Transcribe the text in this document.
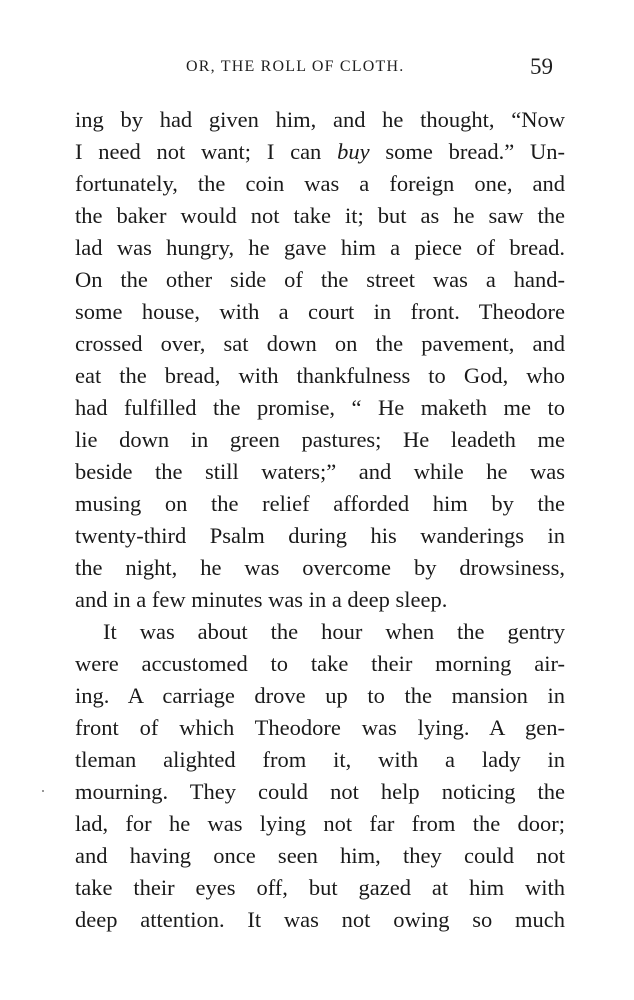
OR, THE ROLL OF CLOTH.	59
ing by had given him, and he thought, “Now
I need not want; I can buy some bread.” Un-
fortunately, the coin was a foreign one, and
the baker would not take it; but as he saw the
lad was hungry, he gave him a piece of bread.
On the other side of the street was a hand-
some house, with a court in front. Theodore
crossed over, sat down on the pavement, and
eat the bread, with thankfulness to God, who
had fulfilled the promise, “ He maketh me to
lie down in green pastures; He leadeth me
beside the still waters;” and while he was
musing on the relief afforded him by the
twenty-third Psalm during his wanderings in
the night, he was overcome by drowsiness,
and in a few minutes was in a deep sleep.
It was about the hour when the gentry
were accustomed to take their morning air-
ing. A carriage drove up to the mansion in
front of which Theodore was lying. A gen-
tleman alighted from it, with a lady in
mourning. They could not help noticing the
lad, for he was lying not far from the door;
and having once seen him, they could not
take their eyes off, but gazed at him with
deep attention. It was not owing so much
